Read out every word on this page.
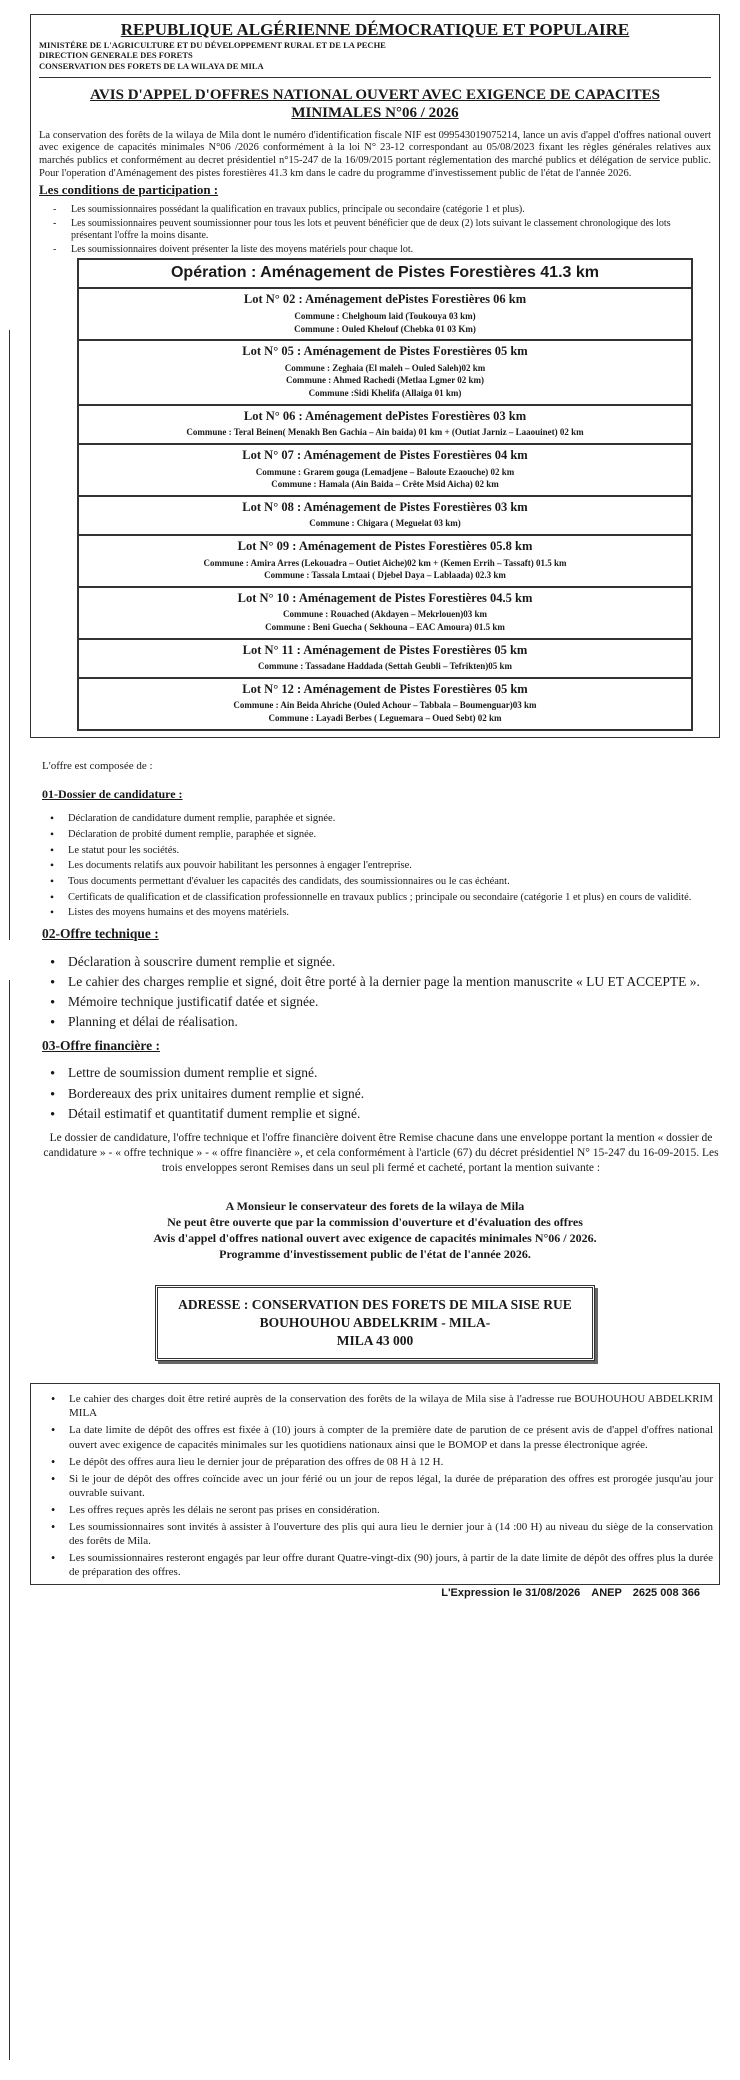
REPUBLIQUE ALGÉRIENNE DÉMOCRATIQUE ET POPULAIRE
MINISTÉRE DE L'AGRICULTURE ET DU DÉVELOPPEMENT RURAL ET DE LA PECHE
DIRECTION GENERALE DES FORETS
CONSERVATION DES FORETS DE LA WILAYA DE MILA
AVIS D'APPEL D'OFFRES NATIONAL OUVERT AVEC EXIGENCE DE CAPACITES
MINIMALES N°06 / 2026

La conservation des forêts de la wilaya de Mila dont le numéro d'identification fiscale NIF est 099543019075214, lance un avis d'appel d'offres national ouvert avec exigence de capacités minimales N°06 /2026 conformément à la loi N° 23-12 correspondant au 05/08/2023 fixant les règles générales relatives aux marchés publics et conformément au decret présidentiel n°15-247 de la 16/09/2015 portant réglementation des marché publics et délégation de service public. Pour l'operation d'Aménagement des pistes forestières 41.3 km dans le cadre du programme d'investissement public de l'état de l'année 2026.

Les conditions de participation :
- Les soumissionnaires possédant la qualification en travaux publics, principale ou secondaire (catégorie 1 et plus).
- Les soumissionnaires peuvent soumissionner pour tous les lots et peuvent bénéficier que de deux (2) lots suivant le classement chronologique des lots présentant l'offre la moins disante.
- Les soumissionnaires doivent présenter la liste des moyens matériels pour chaque lot.
Opération : Aménagement de Pistes Forestières 41.3 km
Lot N° 02 : Aménagement dePistes Forestières 06 km
Commune : Chelghoum laid (Toukouya 03 km)
Commune : Ouled Khelouf (Chebka 01 03 Km)
Lot N° 05 : Aménagement de Pistes Forestières 05 km
Commune : Zeghaia (El maleh – Ouled Saleh)02 km
Commune : Ahmed Rachedi (Metlaa Lgmer 02 km)
Commune :Sidi Khelifa (Allaiga 01 km)
Lot N° 06 : Aménagement dePistes Forestières 03 km
Commune : Teral Beinen( Menakh Ben Gachia – Ain baida) 01 km + (Outiat Jarniz – Laaouinet) 02 km
Lot N° 07 : Aménagement de Pistes Forestières 04 km
Commune : Grarem gouga (Lemadjene – Baloute Ezaouche) 02 km
Commune : Hamala (Ain Baida – Crête Msid Aicha) 02 km
Lot N° 08 : Aménagement de Pistes Forestières 03 km
Commune : Chigara ( Meguelat 03 km)
Lot N° 09 : Aménagement de Pistes Forestières 05.8 km
Commune : Amira Arres (Lekouadra – Outiet Aiche)02 km + (Kemen Errih – Tassaft) 01.5 km
Commune : Tassala Lmtaai ( Djebel Daya – Lablaada) 02.3 km
Lot N° 10 : Aménagement de Pistes Forestières 04.5 km
Commune : Rouached (Akdayen – Mekrlouen)03 km
Commune : Beni Guecha ( Sekhouna – EAC Amoura) 01.5 km
Lot N° 11 : Aménagement de Pistes Forestières 05 km
Commune : Tassadane Haddada (Settah Geubli – Tefrikten)05 km
Lot N° 12 : Aménagement de Pistes Forestières 05 km
Commune : Ain Beida Ahriche (Ouled Achour – Tabbala – Boumenguar)03 km
Commune : Layadi Berbes ( Leguemara – Oued Sebt) 02 km
L'offre est composée de :
01-Dossier de candidature :
• Déclaration de candidature dument remplie, paraphée et signée.
• Déclaration de probité dument remplie, paraphée et signée.
• Le statut pour les sociétés.
• Les documents relatifs aux pouvoir habilitant les personnes à engager l'entreprise.
• Tous documents permettant d'évaluer les capacités des candidats, des soumissionnaires ou le cas échéant.
• Certificats de qualification et de classification professionnelle en travaux publics ; principale ou secondaire (catégorie 1 et plus) en cours de validité.
• Listes des moyens humains et des moyens matériels.
02-Offre technique :
• Déclaration à souscrire dument remplie et signée.
• Le cahier des charges remplie et signé, doit être porté à la dernier page la mention manuscrite « LU ET ACCEPTE ».
• Mémoire technique justificatif datée et signée.
• Planning et délai de réalisation.
03-Offre financière :
• Lettre de soumission dument remplie et signé.
• Bordereaux des prix unitaires dument remplie et signé.
• Détail estimatif et quantitatif dument remplie et signé.

Le dossier de candidature, l'offre technique et l'offre financière doivent être Remise chacune dans une enveloppe portant la mention « dossier de candidature » - « offre technique » - « offre financière », et cela conformément à l'article (67) du décret présidentiel N° 15-247 du 16-09-2015. Les trois enveloppes seront Remises dans un seul pli fermé et cacheté, portant la mention suivante :

A Monsieur le conservateur des forets de la wilaya de Mila
Ne peut être ouverte que par la commission d'ouverture et d'évaluation des offres
Avis d'appel d'offres national ouvert avec exigence de capacités minimales N°06 / 2026.
Programme d'investissement public de l'état de l'année 2026.
ADRESSE : CONSERVATION DES FORETS DE MILA SISE RUE
BOUHOUHOU ABDELKRIM - MILA-
MILA 43 000
• Le cahier des charges doit être retiré auprès de la conservation des forêts de la wilaya de Mila sise à l'adresse rue BOUHOUHOU ABDELKRIM MILA
• La date limite de dépôt des offres est fixée à (10) jours à compter de la première date de parution de ce présent avis de d'appel d'offres national ouvert avec exigence de capacités minimales sur les quotidiens nationaux ainsi que le BOMOP et dans la presse électronique agrée.
• Le dépôt des offres aura lieu le dernier jour de préparation des offres de 08 H à 12 H.
• Si le jour de dépôt des offres coïncide avec un jour férié ou un jour de repos légal, la durée de préparation des offres est prorogée jusqu'au jour ouvrable suivant.
• Les offres reçues après les délais ne seront pas prises en considération.
• Les soumissionnaires sont invités à assister à l'ouverture des plis qui aura lieu le dernier jour à (14 :00 H) au niveau du siège de la conservation des forêts de Mila.
• Les soumissionnaires resteront engagés par leur offre durant Quatre-vingt-dix (90) jours, à partir de la date limite de dépôt des offres plus la durée de préparation des offres.
L'Expression le 31/08/2026 ANEP 2625 008 366
